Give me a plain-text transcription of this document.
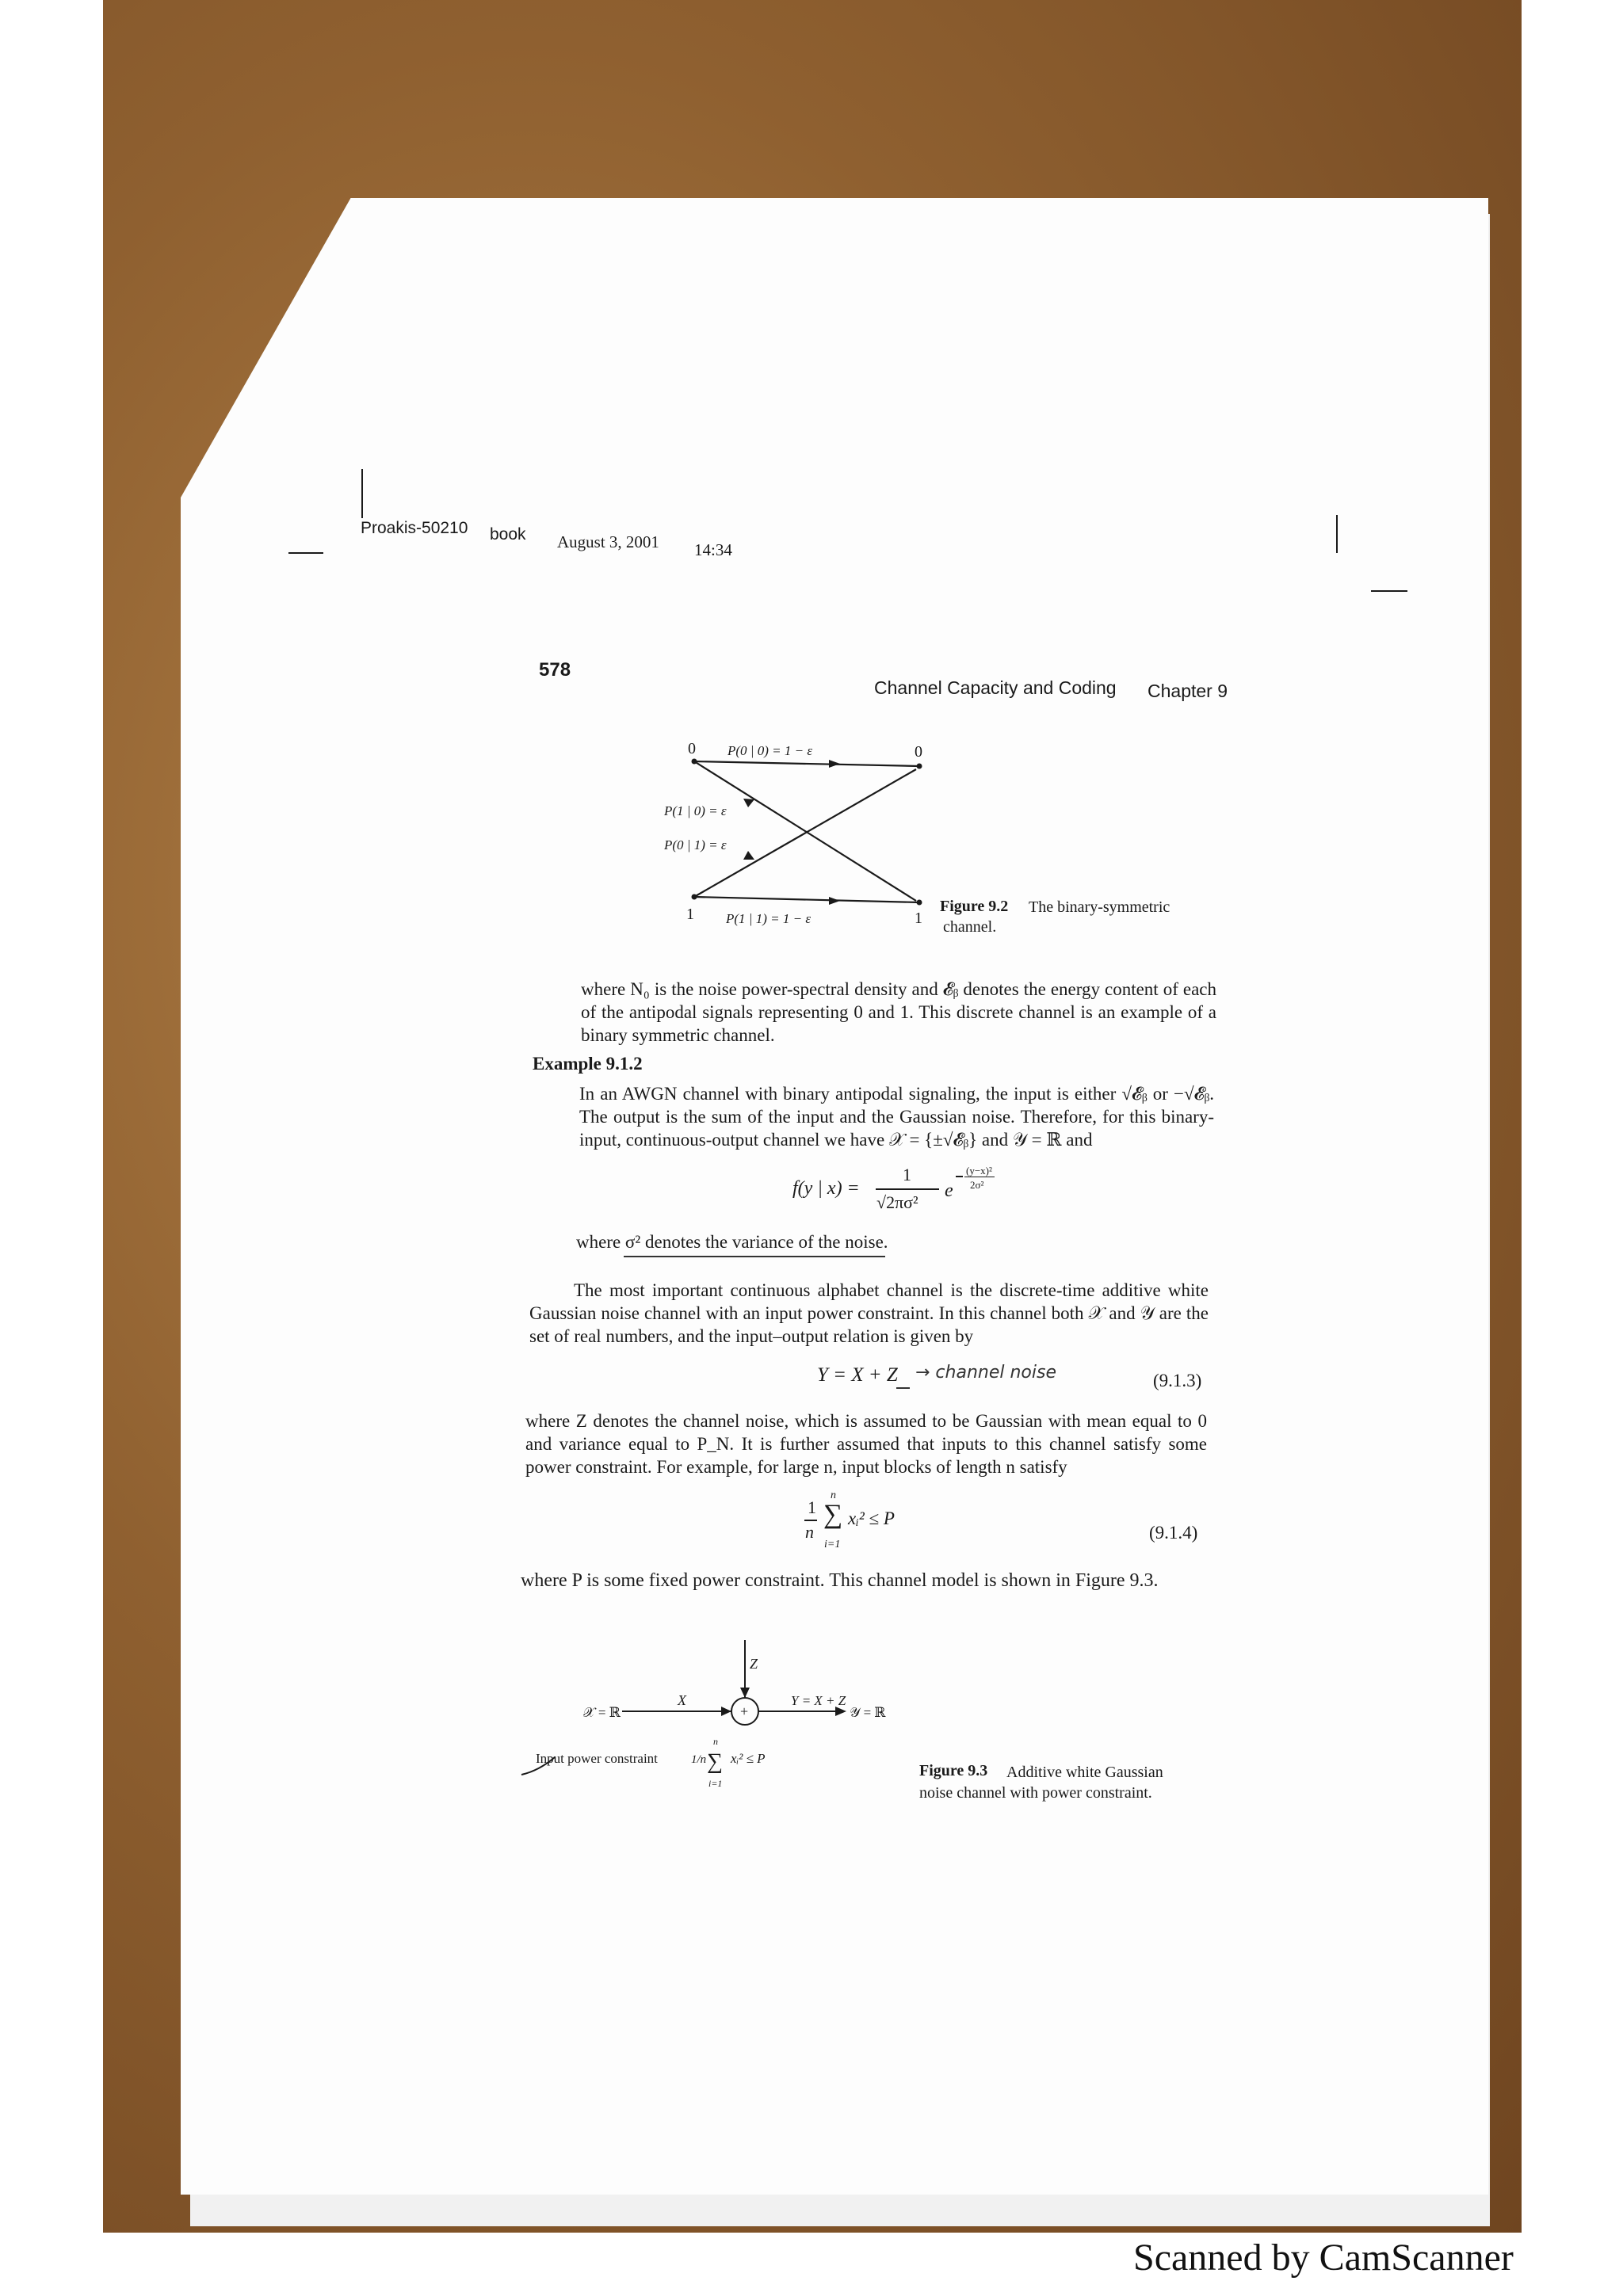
Proakis-50210 book August 3, 2001 14:34
578
Channel Capacity and Coding Chapter 9
0	0
1	1
P(0 | 0) = 1 − ε
P(1 | 0) = ε
P(0 | 1) = ε
P(1 | 1) = 1 − ε
Figure 9.2	The binary-symmetric channel.
where N₀ is the noise power-spectral density and 𝓔ᵦ denotes the energy content of each of the antipodal signals representing 0 and 1. This discrete channel is an example of a binary symmetric channel.
Example 9.1.2
In an AWGN channel with binary antipodal signaling, the input is either √𝓔ᵦ or −√𝓔ᵦ. The output is the sum of the input and the Gaussian noise. Therefore, for this binary-input, continuous-output channel we have 𝒳 = {±√𝓔ᵦ} and 𝒴 = ℝ and
f(y | x) =
1
√2πσ²
e
(y−x)²
2σ²
where σ² denotes the variance of the noise.
The most important continuous alphabet channel is the discrete-time additive white Gaussian noise channel with an input power constraint. In this channel both 𝒳 and 𝒴 are the set of real numbers, and the input–output relation is given by
Y = X + Z → channel noise	(9.1.3)
where Z denotes the channel noise, which is assumed to be Gaussian with mean equal to 0 and variance equal to P_N. It is further assumed that inputs to this channel satisfy some power constraint. For example, for large n, input blocks of length n satisfy
1
n
n
∑
i=1
xᵢ² ≤ P
(9.1.4)
where P is some fixed power constraint. This channel model is shown in Figure 9.3.
Z
X
𝒳 = ℝ	+
Y = X + Z
𝒴 = ℝ
Input power constraint	1/n
n
∑
i=1
xᵢ² ≤ P
Figure 9.3	Additive white Gaussian noise channel with power constraint.
Scanned by CamScanner
